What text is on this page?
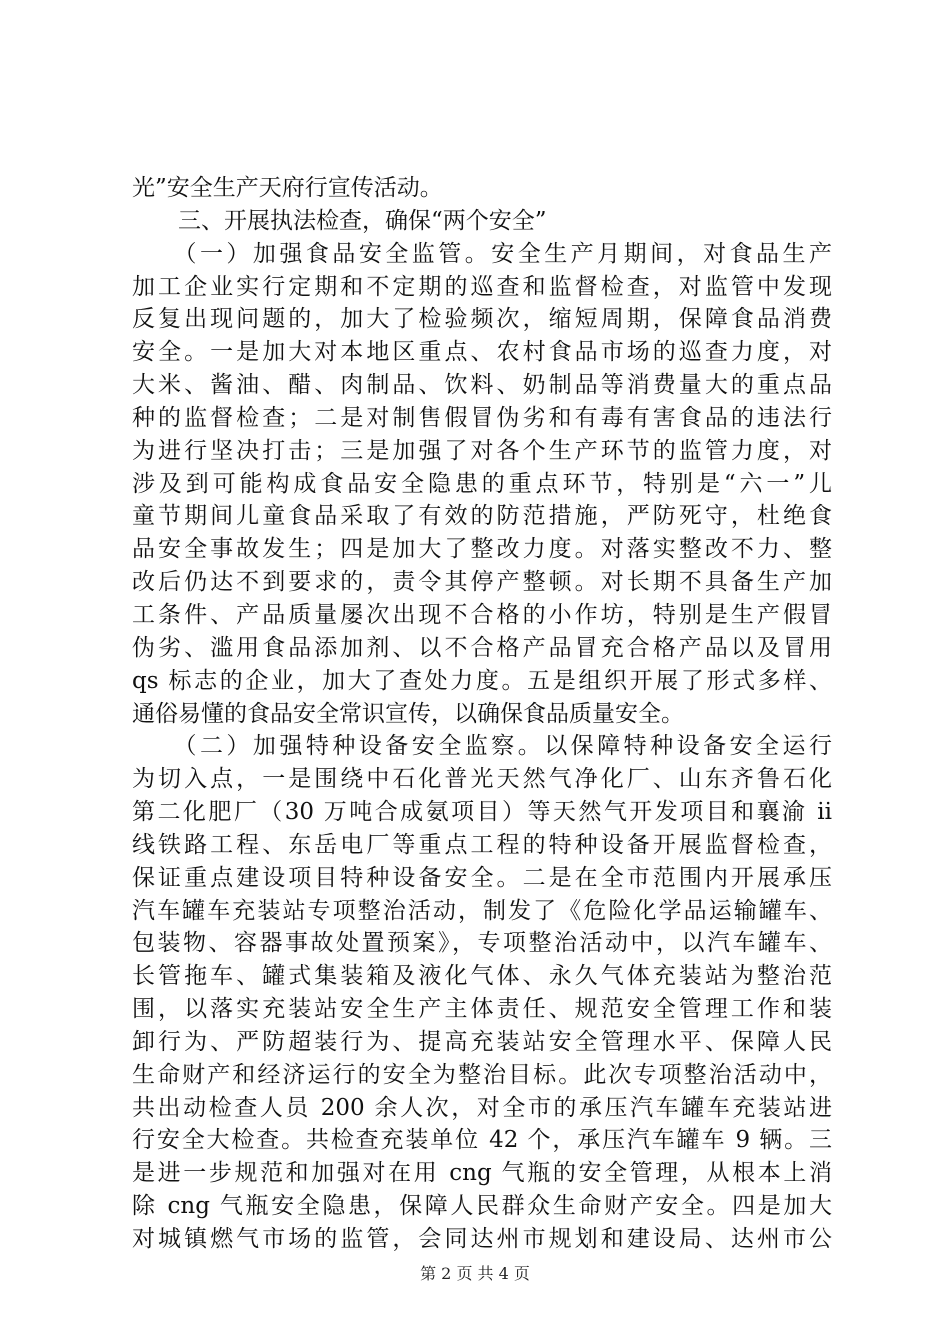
光”安全生产天府行宣传活动。
　　三、开展执法检查，确保“两个安全”
　　（一）加强食品安全监管。安全生产月期间，对食品生产
加工企业实行定期和不定期的巡查和监督检查，对监管中发现
反复出现问题的，加大了检验频次，缩短周期，保障食品消费
安全。一是加大对本地区重点、农村食品市场的巡查力度，对
大米、酱油、醋、肉制品、饮料、奶制品等消费量大的重点品
种的监督检查；二是对制售假冒伪劣和有毒有害食品的违法行
为进行坚决打击；三是加强了对各个生产环节的监管力度，对
涉及到可能构成食品安全隐患的重点环节，特别是“六一”儿
童节期间儿童食品采取了有效的防范措施，严防死守，杜绝食
品安全事故发生；四是加大了整改力度。对落实整改不力、整
改后仍达不到要求的，责令其停产整顿。对长期不具备生产加
工条件、产品质量屡次出现不合格的小作坊，特别是生产假冒
伪劣、滥用食品添加剂、以不合格产品冒充合格产品以及冒用
qs 标志的企业，加大了查处力度。五是组织开展了形式多样、
通俗易懂的食品安全常识宣传，以确保食品质量安全。
　　（二）加强特种设备安全监察。以保障特种设备安全运行
为切入点，一是围绕中石化普光天然气净化厂、山东齐鲁石化
第二化肥厂（30 万吨合成氨项目）等天然气开发项目和襄渝 ii
线铁路工程、东岳电厂等重点工程的特种设备开展监督检查，
保证重点建设项目特种设备安全。二是在全市范围内开展承压
汽车罐车充装站专项整治活动，制发了《危险化学品运输罐车、
包装物、容器事故处置预案》，专项整治活动中，以汽车罐车、
长管拖车、罐式集装箱及液化气体、永久气体充装站为整治范
围，以落实充装站安全生产主体责任、规范安全管理工作和装
卸行为、严防超装行为、提高充装站安全管理水平、保障人民
生命财产和经济运行的安全为整治目标。此次专项整治活动中，
共出动检查人员 200 余人次，对全市的承压汽车罐车充装站进
行安全大检查。共检查充装单位 42 个，承压汽车罐车 9 辆。三
是进一步规范和加强对在用 cng 气瓶的安全管理，从根本上消
除 cng 气瓶安全隐患，保障人民群众生命财产安全。四是加大
对城镇燃气市场的监管，会同达州市规划和建设局、达州市公
第 2 页 共 4 页
